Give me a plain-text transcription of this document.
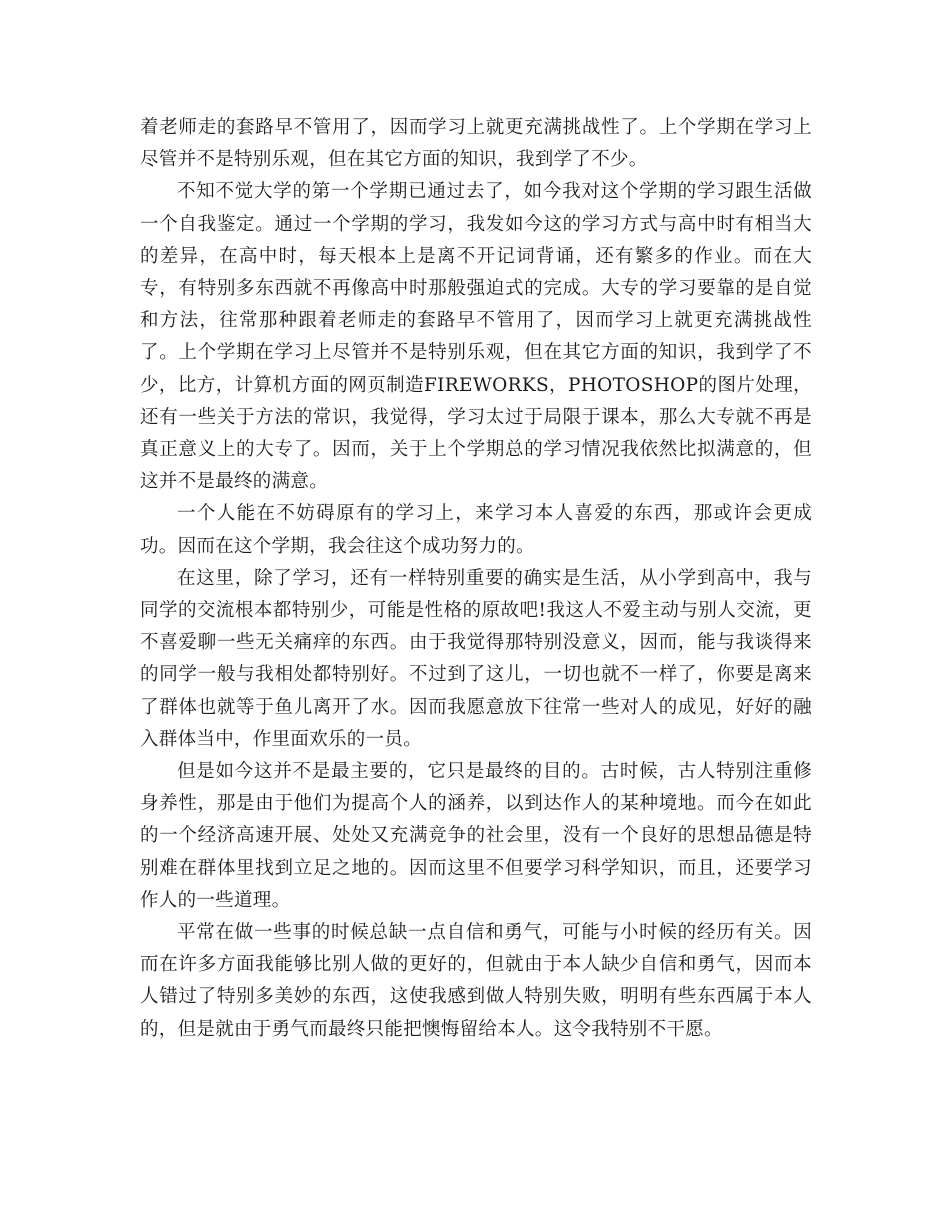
着老师走的套路早不管用了，因而学习上就更充满挑战性了。上个学期在学习上尽管并不是特别乐观，但在其它方面的知识，我到学了不少。

不知不觉大学的第一个学期已通过去了，如今我对这个学期的学习跟生活做一个自我鉴定。通过一个学期的学习，我发如今这的学习方式与高中时有相当大的差异，在高中时，每天根本上是离不开记词背诵，还有繁多的作业。而在大专，有特别多东西就不再像高中时那般强迫式的完成。大专的学习要靠的是自觉和方法，往常那种跟着老师走的套路早不管用了，因而学习上就更充满挑战性了。上个学期在学习上尽管并不是特别乐观，但在其它方面的知识，我到学了不少，比方，计算机方面的网页制造FIREWORKS，PHOTOSHOP的图片处理，还有一些关于方法的常识，我觉得，学习太过于局限于课本，那么大专就不再是真正意义上的大专了。因而，关于上个学期总的学习情况我依然比拟满意的，但这并不是最终的满意。

一个人能在不妨碍原有的学习上，来学习本人喜爱的东西，那或许会更成功。因而在这个学期，我会往这个成功努力的。

在这里，除了学习，还有一样特别重要的确实是生活，从小学到高中，我与同学的交流根本都特别少，可能是性格的原故吧!我这人不爱主动与别人交流，更不喜爱聊一些无关痛痒的东西。由于我觉得那特别没意义，因而，能与我谈得来的同学一般与我相处都特别好。不过到了这儿，一切也就不一样了，你要是离来了群体也就等于鱼儿离开了水。因而我愿意放下往常一些对人的成见，好好的融入群体当中，作里面欢乐的一员。

但是如今这并不是最主要的，它只是最终的目的。古时候，古人特别注重修身养性，那是由于他们为提高个人的涵养，以到达作人的某种境地。而今在如此的一个经济高速开展、处处又充满竞争的社会里，没有一个良好的思想品德是特别难在群体里找到立足之地的。因而这里不但要学习科学知识，而且，还要学习作人的一些道理。

平常在做一些事的时候总缺一点自信和勇气，可能与小时候的经历有关。因而在许多方面我能够比别人做的更好的，但就由于本人缺少自信和勇气，因而本人错过了特别多美妙的东西，这使我感到做人特别失败，明明有些东西属于本人的，但是就由于勇气而最终只能把懊悔留给本人。这令我特别不干愿。
